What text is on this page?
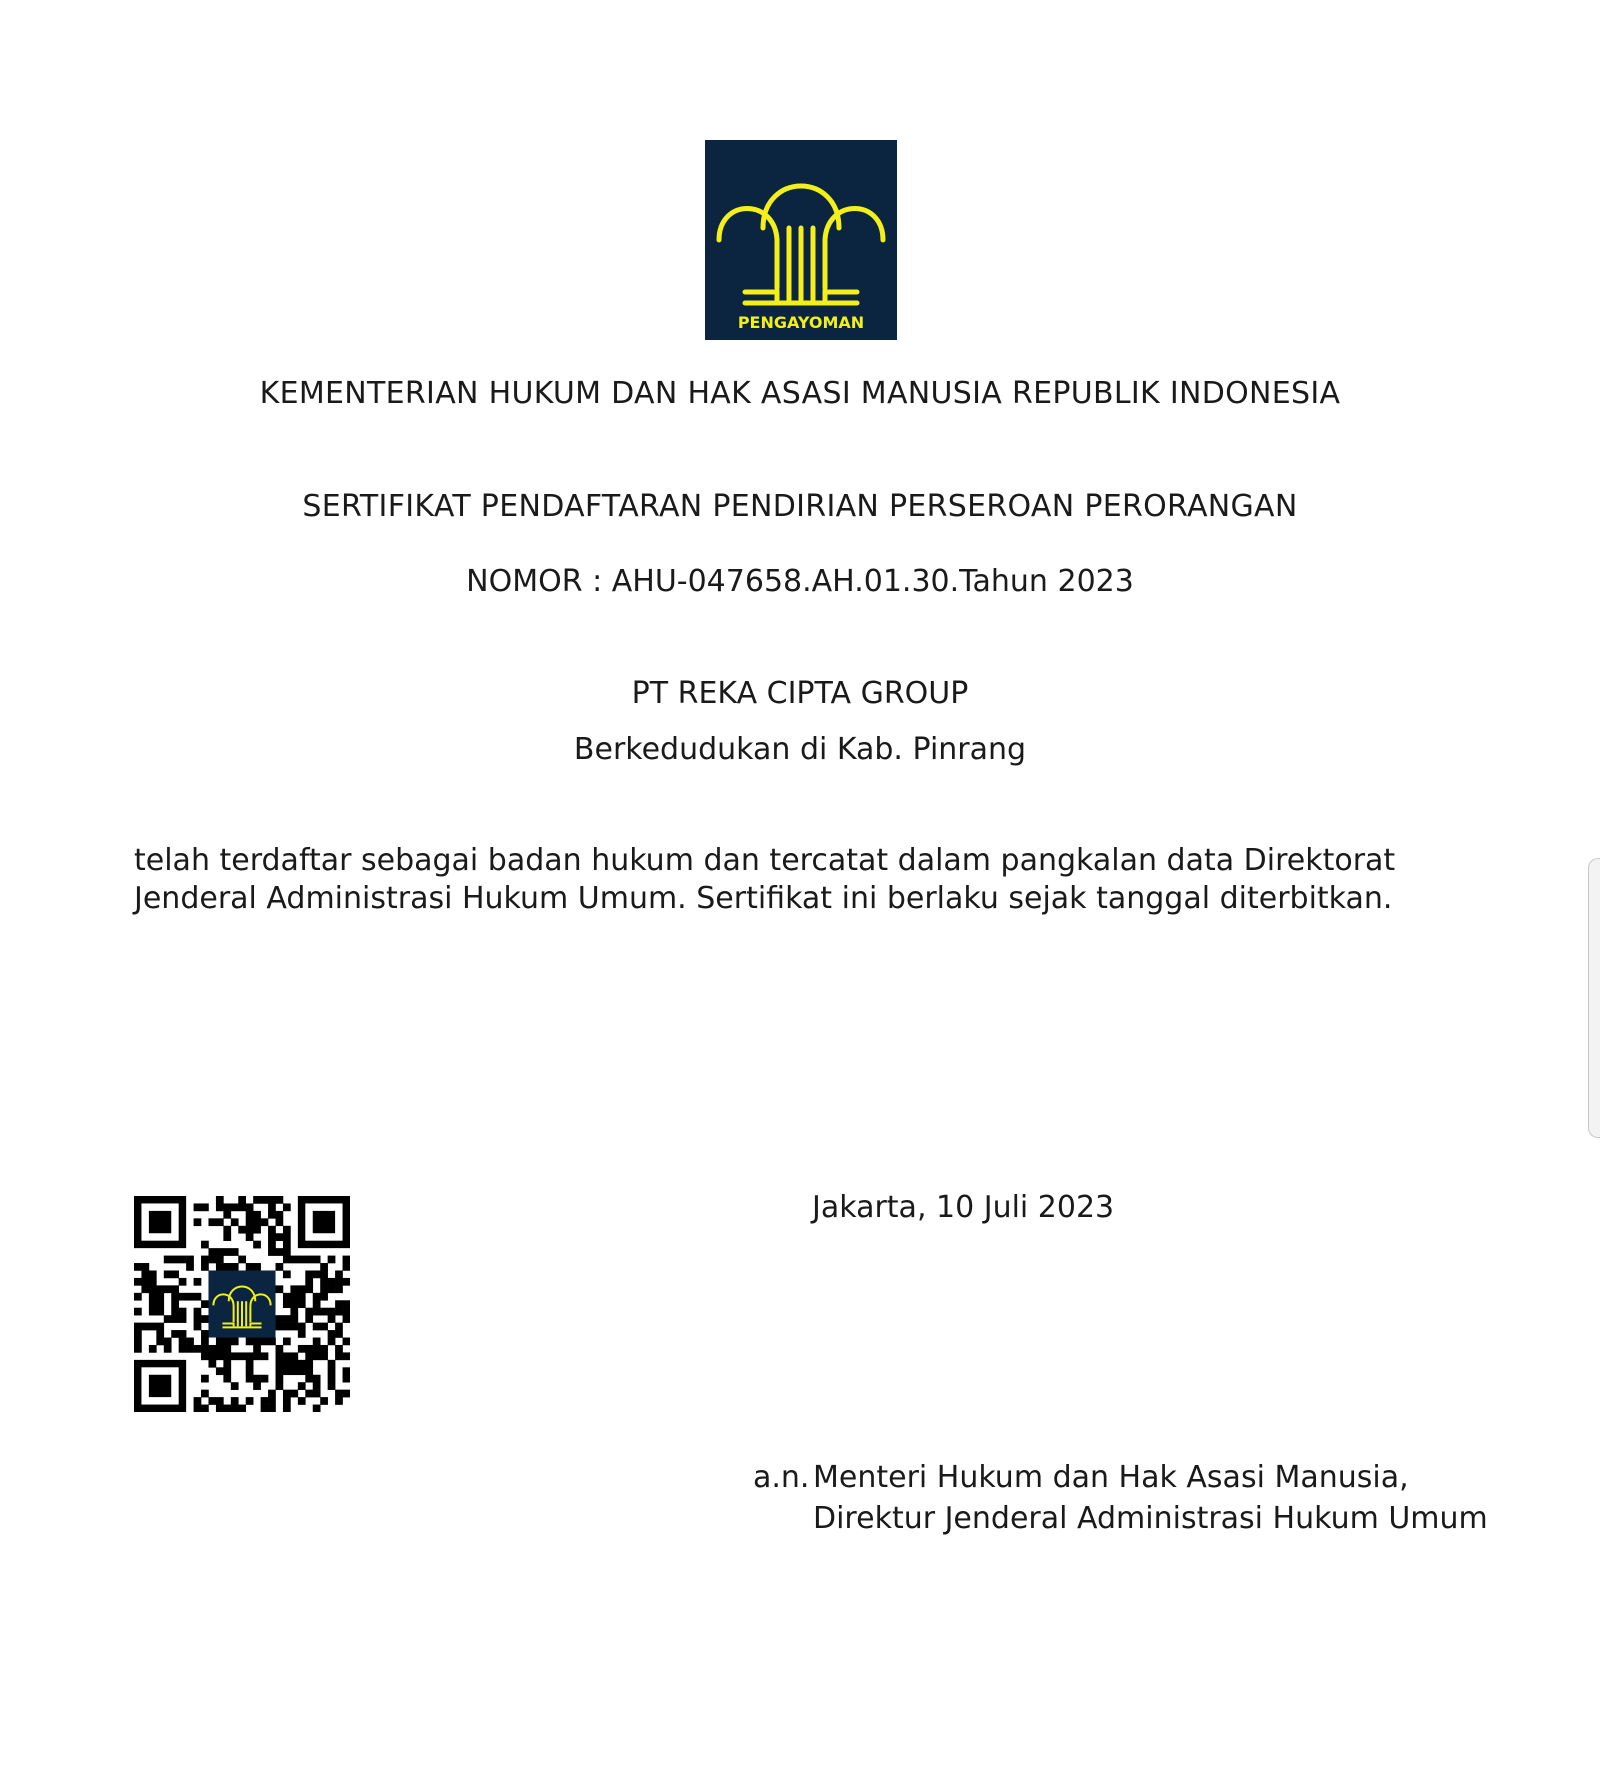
PENGAYOMAN
KEMENTERIAN HUKUM DAN HAK ASASI MANUSIA REPUBLIK INDONESIA
SERTIFIKAT PENDAFTARAN PENDIRIAN PERSEROAN PERORANGAN
NOMOR : AHU-047658.AH.01.30.Tahun 2023
PT REKA CIPTA GROUP
Berkedudukan di Kab. Pinrang
telah terdaftar sebagai badan hukum dan tercatat dalam pangkalan data Direktorat Jenderal Administrasi Hukum Umum. Sertifikat ini berlaku sejak tanggal diterbitkan.
Jakarta, 10 Juli 2023
a.n. Menteri Hukum dan Hak Asasi Manusia,
Direktur Jenderal Administrasi Hukum Umum
